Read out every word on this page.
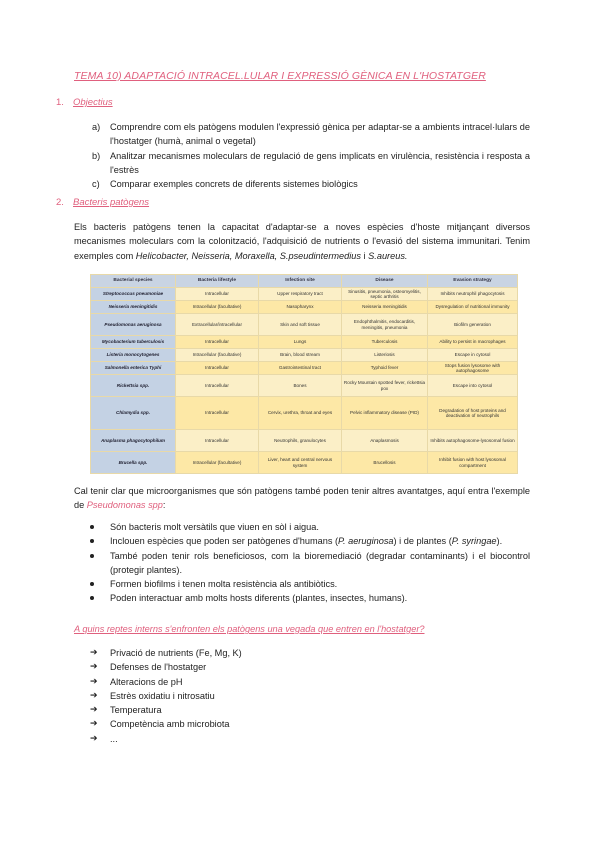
TEMA 10) ADAPTACIÓ INTRACEL.LULAR I EXPRESSIÓ GÈNICA EN L'HOSTATGER
1. Objectius
a) Comprendre com els patògens modulen l'expressió gènica per adaptar-se a ambients intracel·lulars de l'hostatger (humà, animal o vegetal)
b) Analitzar mecanismes moleculars de regulació de gens implicats en virulència, resistència i resposta a l'estrès
c) Comparar exemples concrets de diferents sistemes biològics
2. Bacteris patògens

Els bacteris patògens tenen la capacitat d'adaptar-se a noves espècies d'hoste mitjançant diversos mecanismes moleculars com la colonització, l'adquisició de nutrients o l'evasió del sistema immunitari. Tenim exemples com Helicobacter, Neisseria, Moraxella, S.pseudintermedius i S.aureus.

Bacterial species	Bacteria lifestyle	Infection site	Disease	Evasion strategy
Streptococcus pneumoniae	Intracellular	Upper respiratory tract	Sinusitis, pneumonia, osteomyelitis, septic arthritis	Inhibits neutrophil phagocytosis
Neisseria meningitidis	Intracellular (facultative)	Nasopharynx	Neisseria meningitidis	Dysregulation of nutritional immunity
Pseudomonas aeruginosa	Extracellular/intracellular	Skin and soft tissue	Endophthalmitis, endocarditis, meningitis, pneumonia	Biofilm generation
Mycobacterium tuberculosis	Intracellular	Lungs	Tuberculosis	Ability to persist in macrophages
Listeria monocytogenes	Intracellular (facultative)	Brain, blood stream	Listeriosis	Escape in cytosol
Salmonella enterica Typhi	Intracellular	Gastrointestinal tract	Typhoid fever	Stops fusion lysosome with autophagosome
Rickettsia spp.	Intracellular	Bones	Rocky Mountain spotted fever, rickettsia pox	Escape into cytosol
Chlamydia spp.	Intracellular	Cervix, urethra, throat and eyes	Pelvic inflammatory disease (PID)	Degradation of host proteins and deactivation of neutrophils
Anaplasma phagocytophilum	Intracellular	Neutrophils, granulocytes	Anaplasmosis	Inhibits autophagosome-lysosomal fusion
Brucella spp.	Intracellular (facultative)	Liver, heart and central nervous system	Brucellosis	Inhibit fusion with host lysosomal compartment

Cal tenir clar que microorganismes que són patògens també poden tenir altres avantatges, aquí entra l'exemple de Pseudomonas spp:

Són bacteris molt versàtils que viuen en sòl i aigua.
Inclouen espècies que poden ser patògenes d'humans (P. aeruginosa) i de plantes (P. syringae).
També poden tenir rols beneficiosos, com la bioremediació (degradar contaminants) i el biocontrol (protegir plantes).
Formen biofilms i tenen molta resistència als antibiòtics.
Poden interactuar amb molts hosts diferents (plantes, insectes, humans).
A quins reptes interns s'enfronten els patògens una vegada que entren en l'hostatger?
➔ Privació de nutrients (Fe, Mg, K)
➔ Defenses de l'hostatger
➔ Alteracions de pH
➔ Estrès oxidatiu i nitrosatiu
➔ Temperatura
➔ Competència amb microbiota
➔ ...
